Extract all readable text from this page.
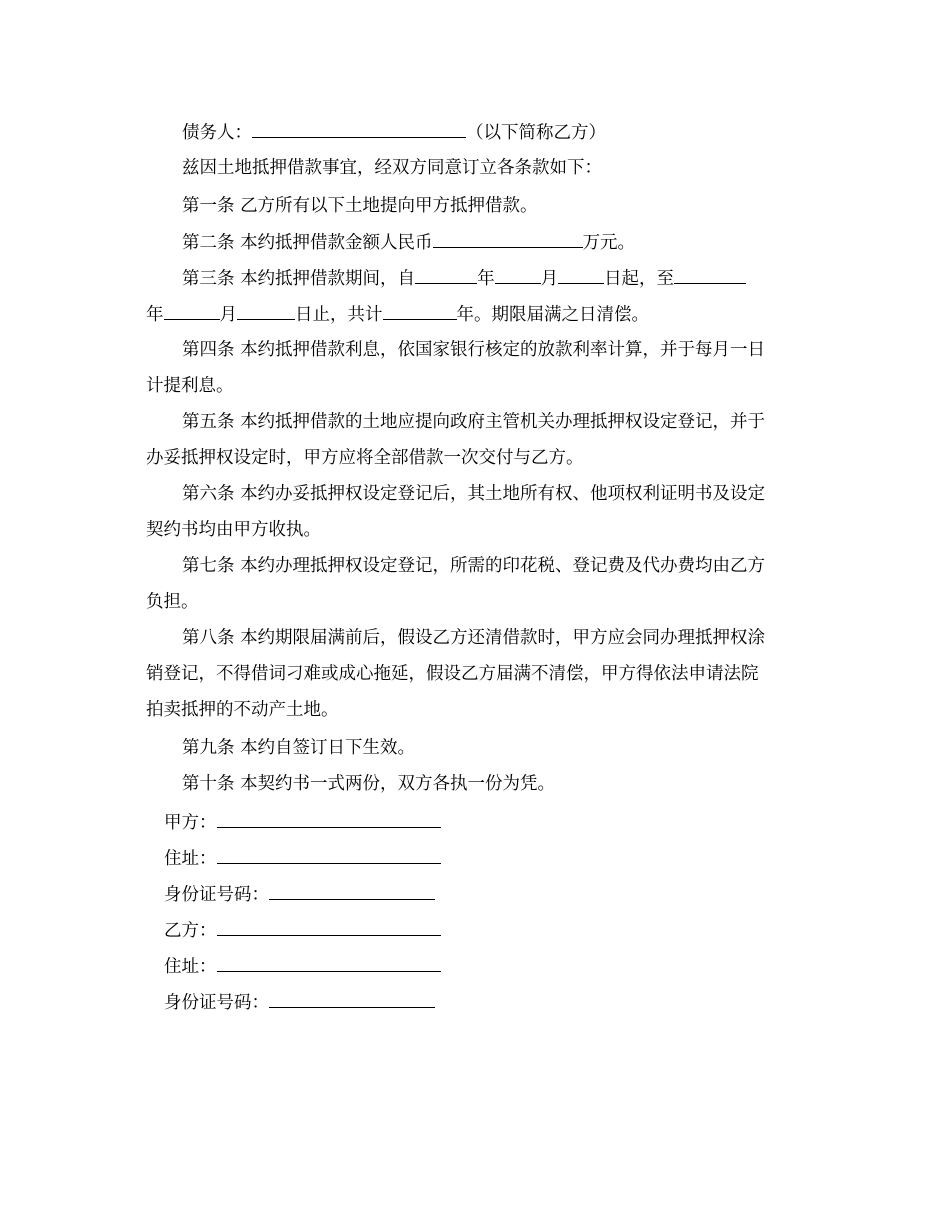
债务人：	（以下简称乙方）
兹因土地抵押借款事宜，经双方同意订立各条款如下：
第一条 乙方所有以下土地提向甲方抵押借款。
第二条 本约抵押借款金额人民币	万元。
第三条 本约抵押借款期间，自	年	月	日起，至
年	月	日止，共计	年。期限届满之日清偿。
第四条 本约抵押借款利息，依国家银行核定的放款利率计算，并于每月一日
计提利息。
第五条 本约抵押借款的土地应提向政府主管机关办理抵押权设定登记，并于
办妥抵押权设定时，甲方应将全部借款一次交付与乙方。
第六条 本约办妥抵押权设定登记后，其土地所有权、他项权利证明书及设定
契约书均由甲方收执。
第七条 本约办理抵押权设定登记，所需的印花税、登记费及代办费均由乙方
负担。
第八条 本约期限届满前后，假设乙方还清借款时，甲方应会同办理抵押权涂
销登记，不得借词刁难或成心拖延，假设乙方届满不清偿，甲方得依法申请法院
拍卖抵押的不动产土地。
第九条 本约自签订日下生效。
第十条 本契约书一式两份，双方各执一份为凭。
甲方：
住址：
身份证号码：
乙方：
住址：
身份证号码：
